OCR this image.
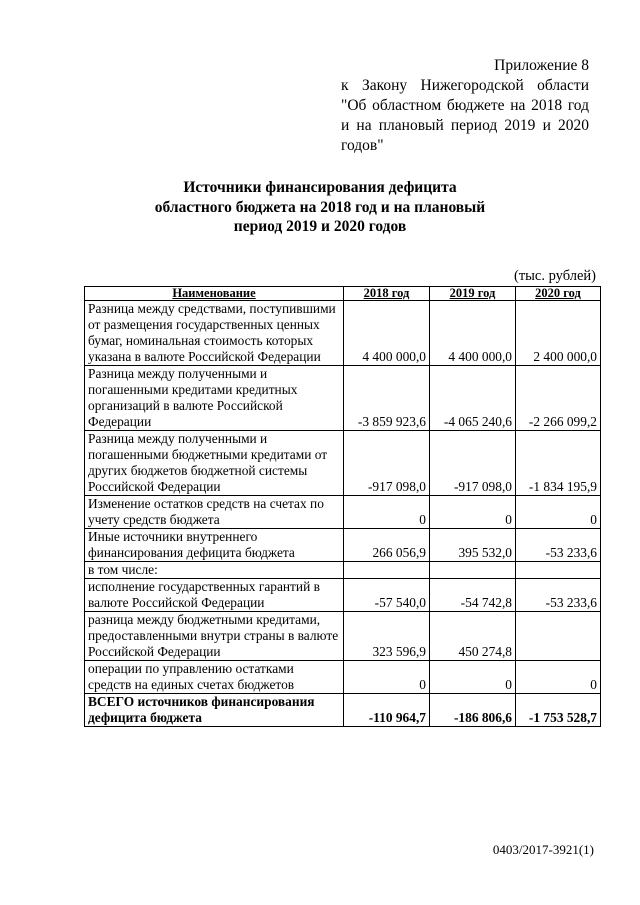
Приложение 8
к Закону Нижегородской области
"Об областном бюджете на 2018 год
и на плановый период 2019 и 2020
годов"
Источники финансирования дефицита
областного бюджета на 2018 год и на плановый
период 2019 и 2020 годов
(тыс. рублей)
Наименование	2018 год	2019 год	2020 год
Разница между средствами, поступившими от размещения государственных ценных бумаг, номинальная стоимость которых указана в валюте Российской Федерации	4 400 000,0	4 400 000,0	2 400 000,0
Разница между полученными и погашенными кредитами кредитных организаций в валюте Российской Федерации	-3 859 923,6	-4 065 240,6	-2 266 099,2
Разница между полученными и погашенными бюджетными кредитами от других бюджетов бюджетной системы Российской Федерации	-917 098,0	-917 098,0	-1 834 195,9
Изменение остатков средств на счетах по учету средств бюджета	0	0	0
Иные источники внутреннего финансирования дефицита бюджета	266 056,9	395 532,0	-53 233,6
в том числе:			
исполнение государственных гарантий в валюте Российской Федерации	-57 540,0	-54 742,8	-53 233,6
разница между бюджетными кредитами, предоставленными внутри страны в валюте Российской Федерации	323 596,9	450 274,8	
операции по управлению остатками средств на единых счетах бюджетов	0	0	0
ВСЕГО источников финансирования дефицита бюджета	-110 964,7	-186 806,6	-1 753 528,7
0403/2017-3921(1)
